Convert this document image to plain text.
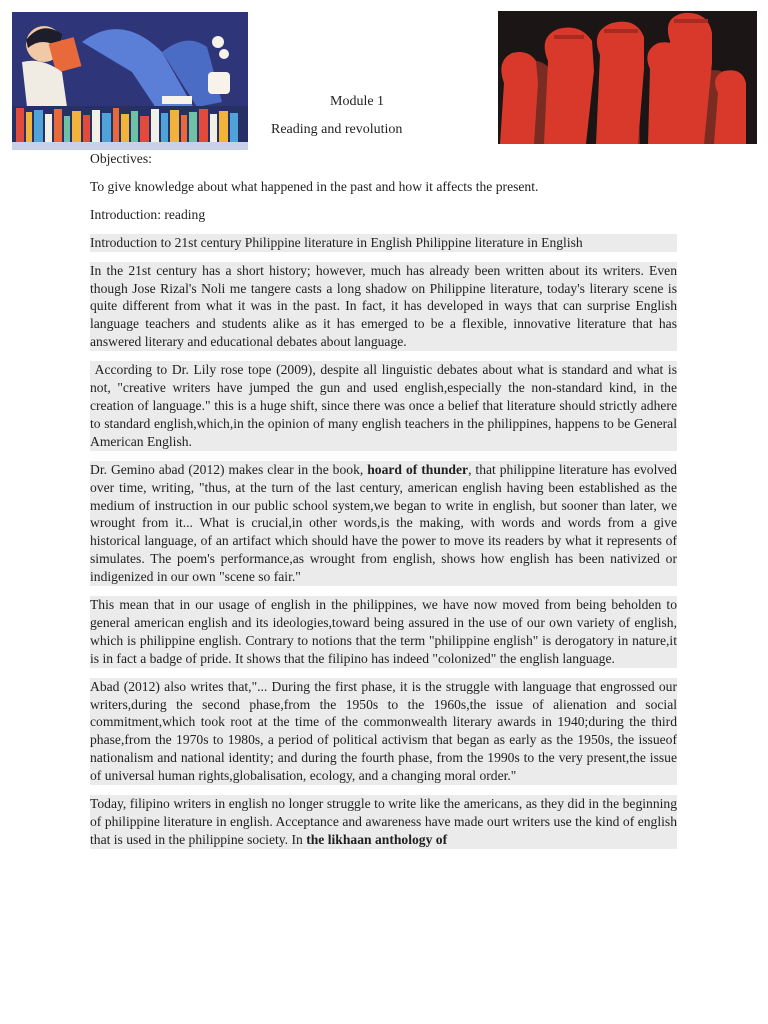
Module 1
Reading and revolution

Objectives:

To give knowledge about what happened in the past and how it affects the present.

Introduction: reading

Introduction to 21st century Philippine literature in English Philippine literature in English

In the 21st century has a short history; however, much has already been written about its writers. Even though Jose Rizal's Noli me tangere casts a long shadow on Philippine literature, today's literary scene is quite different from what it was in the past. In fact, it has developed in ways that can surprise English language teachers and students alike as it has emerged to be a flexible, innovative literature that has answered literary and educational debates about language.

According to Dr. Lily rose tope (2009), despite all linguistic debates about what is standard and what is not, "creative writers have jumped the gun and used english,especially the non-standard kind, in the creation of language." this is a huge shift, since there was once a belief that literature should strictly adhere to standard english,which,in the opinion of many english teachers in the philippines, happens to be General American English.

Dr. Gemino abad (2012) makes clear in the book, hoard of thunder, that philippine literature has evolved over time, writing, "thus, at the turn of the last century, american english having been established as the medium of instruction in our public school system,we began to write in english, but sooner than later, we wrought from it... What is crucial,in other words,is the making, with words and words from a give historical language, of an artifact which should have the power to move its readers by what it represents of simulates. The poem's performance,as wrought from english, shows how english has been nativized or indigenized in our own "scene so fair."

This mean that in our usage of english in the philippines, we have now moved from being beholden to general american english and its ideologies,toward being assured in the use of our own variety of english, which is philippine english. Contrary to notions that the term "philippine english" is derogatory in nature,it is in fact a badge of pride. It shows that the filipino has indeed "colonized" the english language.

Abad (2012) also writes that,"... During the first phase, it is the struggle with language that engrossed our writers,during the second phase,from the 1950s to the 1960s,the issue of alienation and social commitment,which took root at the time of the commonwealth literary awards in 1940;during the third phase,from the 1970s to 1980s, a period of political activism that began as early as the 1950s, the issueof nationalism and national identity; and during the fourth phase, from the 1990s to the very present,the issue of universal human rights,globalisation, ecology, and a changing moral order."

Today, filipino writers in english no longer struggle to write like the americans, as they did in the beginning of philippine literature in english. Acceptance and awareness have made ourt writers use the kind of english that is used in the philippine society. In the likhaan anthology of
